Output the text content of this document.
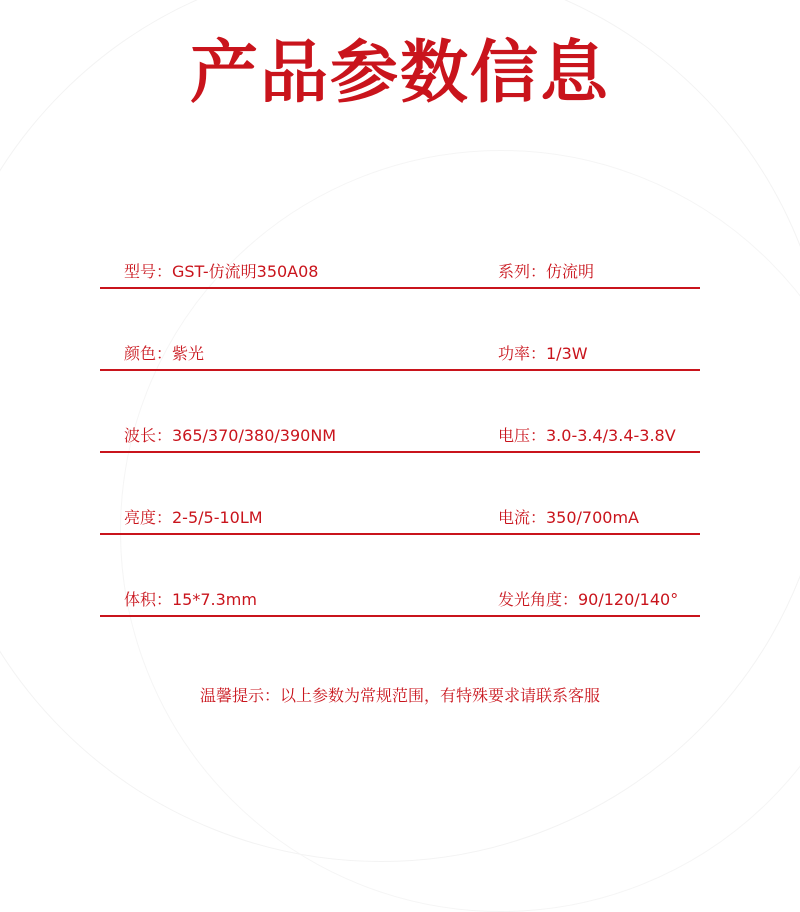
产品参数信息
型号：GST-仿流明350A08	系列：仿流明
颜色：紫光	功率：1/3W
波长：365/370/380/390NM	电压：3.0-3.4/3.4-3.8V
亮度：2-5/5-10LM	电流：350/700mA
体积：15*7.3mm	发光角度：90/120/140°

温馨提示：以上参数为常规范围，有特殊要求请联系客服
